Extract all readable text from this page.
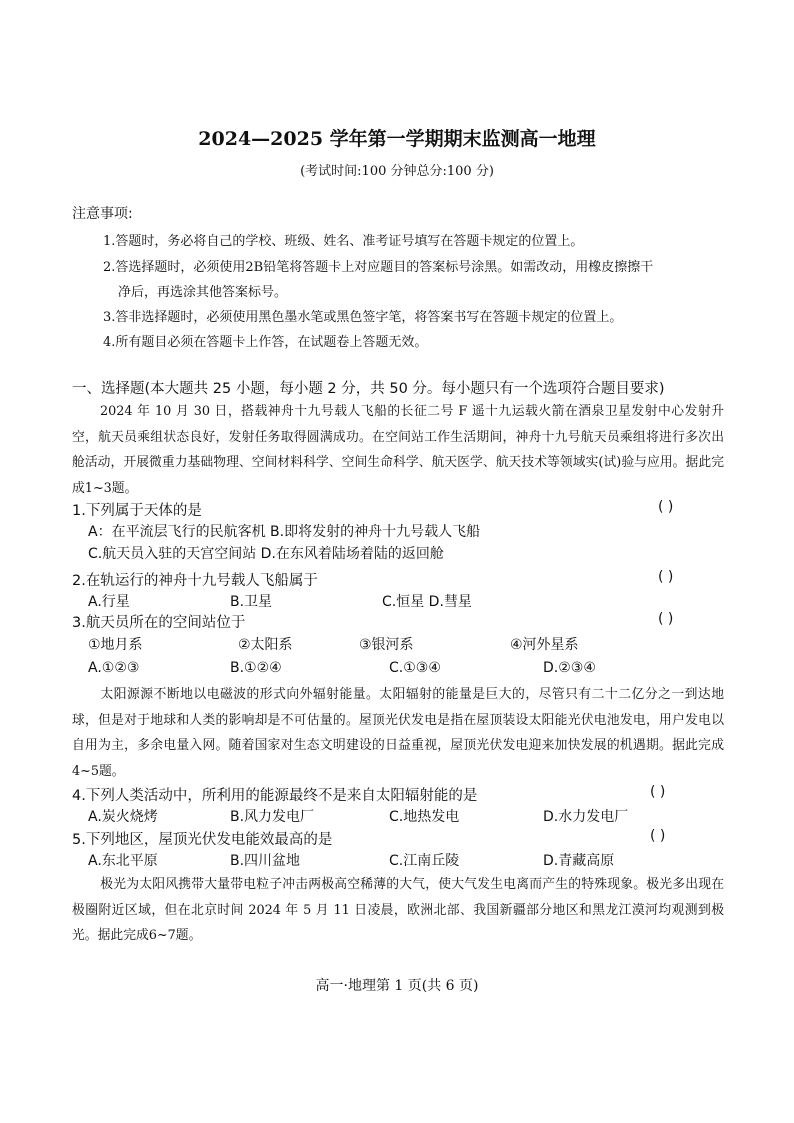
2024—2025 学年第一学期期末监测高一地理
(考试时间:100 分钟总分:100 分)
注意事项:
1.答题时，务必将自己的学校、班级、姓名、准考证号填写在答题卡规定的位置上。
2.答选择题时，必须使用2B铅笔将答题卡上对应题目的答案标号涂黑。如需改动，用橡皮擦擦干
净后，再选涂其他答案标号。
3.答非选择题时，必须使用黑色墨水笔或黑色签字笔，将答案书写在答题卡规定的位置上。
4.所有题目必须在答题卡上作答，在试题卷上答题无效。
一、选择题(本大题共 25 小题，每小题 2 分，共 50 分。每小题只有一个选项符合题目要求)
2024 年 10 月 30 日，搭载神舟十九号载人飞船的长征二号 F 遥十九运载火箭在酒泉卫星发射中心发射升空，航天员乘组状态良好，发射任务取得圆满成功。在空间站工作生活期间，神舟十九号航天员乘组将进行多次出舱活动，开展微重力基础物理、空间材料科学、空间生命科学、航天医学、航天技术等领域实(试)验与应用。据此完成1~3题。
1.下列属于天体的是	( )
A：在平流层飞行的民航客机 B.即将发射的神舟十九号载人飞船
C.航天员入驻的天宫空间站 D.在东风着陆场着陆的返回舱
2.在轨运行的神舟十九号载人飞船属于	( )
A.行星	B.卫星	C.恒星 D.彗星
3.航天员所在的空间站位于	( )
①地月系	②太阳系	③银河系	④河外星系
A.①②③	B.①②④	C.①③④	D.②③④
太阳源源不断地以电磁波的形式向外辐射能量。太阳辐射的能量是巨大的，尽管只有二十二亿分之一到达地球，但是对于地球和人类的影响却是不可估量的。屋顶光伏发电是指在屋顶装设太阳能光伏电池发电，用户发电以自用为主，多余电量入网。随着国家对生态文明建设的日益重视，屋顶光伏发电迎来加快发展的机遇期。据此完成4~5题。
4.下列人类活动中，所利用的能源最终不是来自太阳辐射能的是	( )
A.炭火烧烤	B.风力发电厂	C.地热发电	D.水力发电厂
5.下列地区，屋顶光伏发电能效最高的是	( )
A.东北平原	B.四川盆地	C.江南丘陵	D.青藏高原
极光为太阳风携带大量带电粒子冲击两极高空稀薄的大气，使大气发生电离而产生的特殊现象。极光多出现在极圈附近区域，但在北京时间 2024 年 5 月 11 日凌晨，欧洲北部、我国新疆部分地区和黑龙江漠河均观测到极光。据此完成6~7题。
高一·地理第 1 页(共 6 页)
